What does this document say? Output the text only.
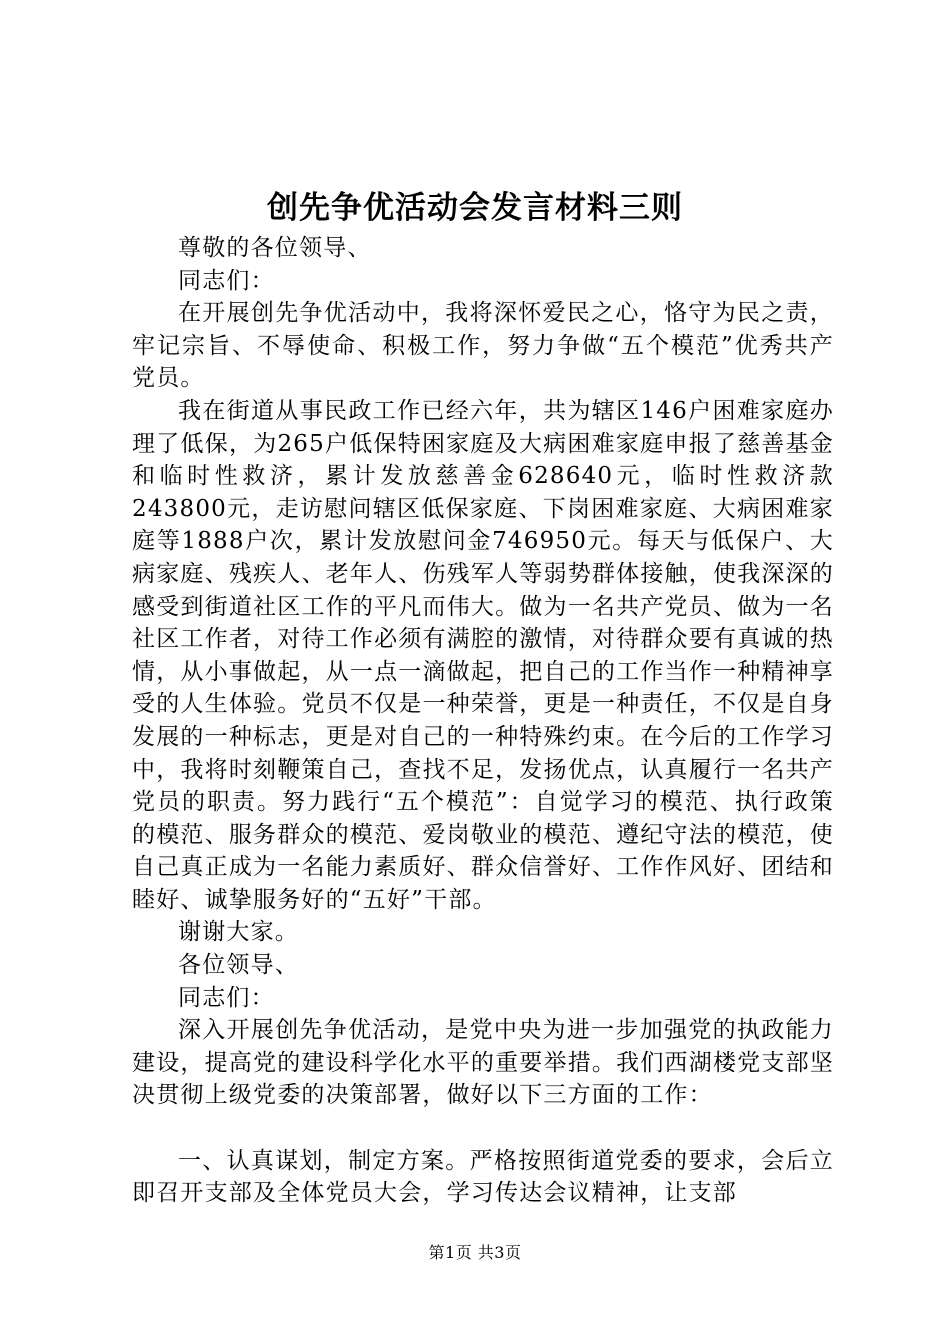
创先争优活动会发言材料三则

尊敬的各位领导、

同志们：

在开展创先争优活动中，我将深怀爱民之心，恪守为民之责，牢记宗旨、不辱使命、积极工作，努力争做“五个模范”优秀共产党员。

我在街道从事民政工作已经六年，共为辖区146户困难家庭办理了低保，为265户低保特困家庭及大病困难家庭申报了慈善基金和临时性救济，累计发放慈善金628640元，临时性救济款243800元，走访慰问辖区低保家庭、下岗困难家庭、大病困难家庭等1888户次，累计发放慰问金746950元。每天与低保户、大病家庭、残疾人、老年人、伤残军人等弱势群体接触，使我深深的感受到街道社区工作的平凡而伟大。做为一名共产党员、做为一名社区工作者，对待工作必须有满腔的激情，对待群众要有真诚的热情，从小事做起，从一点一滴做起，把自己的工作当作一种精神享受的人生体验。党员不仅是一种荣誉，更是一种责任，不仅是自身发展的一种标志，更是对自己的一种特殊约束。在今后的工作学习中，我将时刻鞭策自己，查找不足，发扬优点，认真履行一名共产党员的职责。努力践行“五个模范”：自觉学习的模范、执行政策的模范、服务群众的模范、爱岗敬业的模范、遵纪守法的模范，使自己真正成为一名能力素质好、群众信誉好、工作作风好、团结和睦好、诚挚服务好的“五好”干部。

谢谢大家。

各位领导、

同志们：

深入开展创先争优活动，是党中央为进一步加强党的执政能力建设，提高党的建设科学化水平的重要举措。我们西湖楼党支部坚决贯彻上级党委的决策部署，做好以下三方面的工作：

一、认真谋划，制定方案。严格按照街道党委的要求，会后立即召开支部及全体党员大会，学习传达会议精神，让支部

第1页 共3页
